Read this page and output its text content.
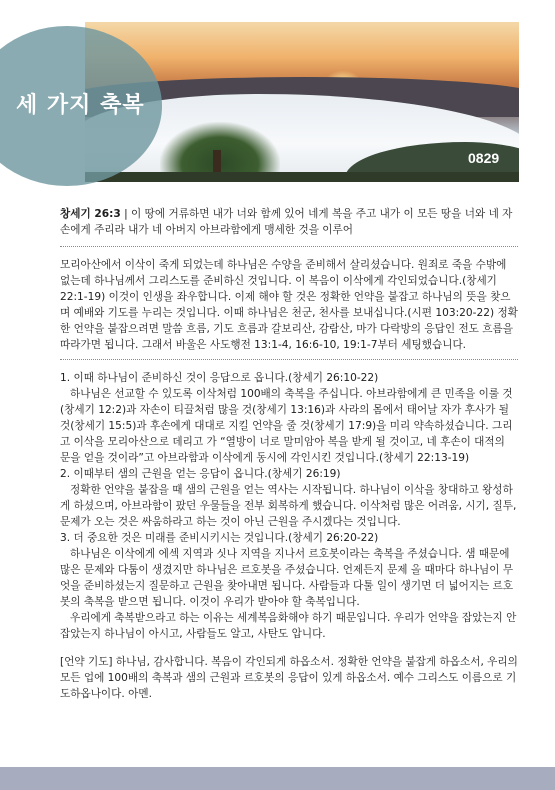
세 가지 축복
0829

창세기 26:3 | 이 땅에 거류하면 내가 너와 함께 있어 네게 복을 주고 내가 이 모든 땅을 너와 네 자손에게 주리라 내가 네 아버지 아브라함에게 맹세한 것을 이루어

모리아산에서 이삭이 죽게 되었는데 하나님은 수양을 준비해서 살리셨습니다. 원죄로 죽을 수밖에 없는데 하나님께서 그리스도를 준비하신 것입니다. 이 복음이 이삭에게 각인되었습니다.(창세기 22:1-19) 이것이 인생을 좌우합니다. 이제 해야 할 것은 정확한 언약을 붙잡고 하나님의 뜻을 찾으며 예배와 기도를 누리는 것입니다. 이때 하나님은 천군, 천사를 보내십니다.(시편 103:20-22) 정확한 언약을 붙잡으려면 말씀 흐름, 기도 흐름과 갈보리산, 감람산, 마가 다락방의 응답인 전도 흐름을 따라가면 됩니다. 그래서 바울은 사도행전 13:1-4, 16:6-10, 19:1-7부터 세팅했습니다.

1. 이때 하나님이 준비하신 것이 응답으로 옵니다.(창세기 26:10-22)

하나님은 선교할 수 있도록 이삭처럼 100배의 축복을 주십니다. 아브라함에게 큰 민족을 이룰 것(창세기 12:2)과 자손이 티끌처럼 많을 것(창세기 13:16)과 사라의 몸에서 태어날 자가 후사가 될 것(창세기 15:5)과 후손에게 대대로 지킬 언약을 줄 것(창세기 17:9)을 미리 약속하셨습니다. 그리고 이삭을 모리아산으로 데리고 가 “열방이 너로 말미암아 복을 받게 될 것이고, 네 후손이 대적의 문을 얻을 것이라”고 아브라함과 이삭에게 동시에 각인시킨 것입니다.(창세기 22:13-19)

2. 이때부터 샘의 근원을 얻는 응답이 옵니다.(창세기 26:19)

정확한 언약을 붙잡을 때 샘의 근원을 얻는 역사는 시작됩니다. 하나님이 이삭을 창대하고 왕성하게 하셨으며, 아브라함이 팠던 우물들을 전부 회복하게 했습니다. 이삭처럼 많은 어려움, 시기, 질투, 문제가 오는 것은 싸움하라고 하는 것이 아닌 근원을 주시겠다는 것입니다.

3. 더 중요한 것은 미래를 준비시키시는 것입니다.(창세기 26:20-22)

하나님은 이삭에게 에섹 지역과 싯나 지역을 지나서 르호봇이라는 축복을 주셨습니다. 샘 때문에 많은 문제와 다툼이 생겼지만 하나님은 르호봇을 주셨습니다. 언제든지 문제 올 때마다 하나님이 무엇을 준비하셨는지 질문하고 근원을 찾아내면 됩니다. 사람들과 다툴 일이 생기면 더 넓어지는 르호봇의 축복을 받으면 됩니다. 이것이 우리가 받아야 할 축복입니다.

우리에게 축복받으라고 하는 이유는 세계복음화해야 하기 때문입니다. 우리가 언약을 잡았는지 안 잡았는지 하나님이 아시고, 사람들도 알고, 사탄도 압니다.

[언약 기도] 하나님, 감사합니다. 복음이 각인되게 하옵소서. 정확한 언약을 붙잡게 하옵소서, 우리의 모든 업에 100배의 축복과 샘의 근원과 르호봇의 응답이 있게 하옵소서. 예수 그리스도 이름으로 기도하옵나이다. 아멘.
